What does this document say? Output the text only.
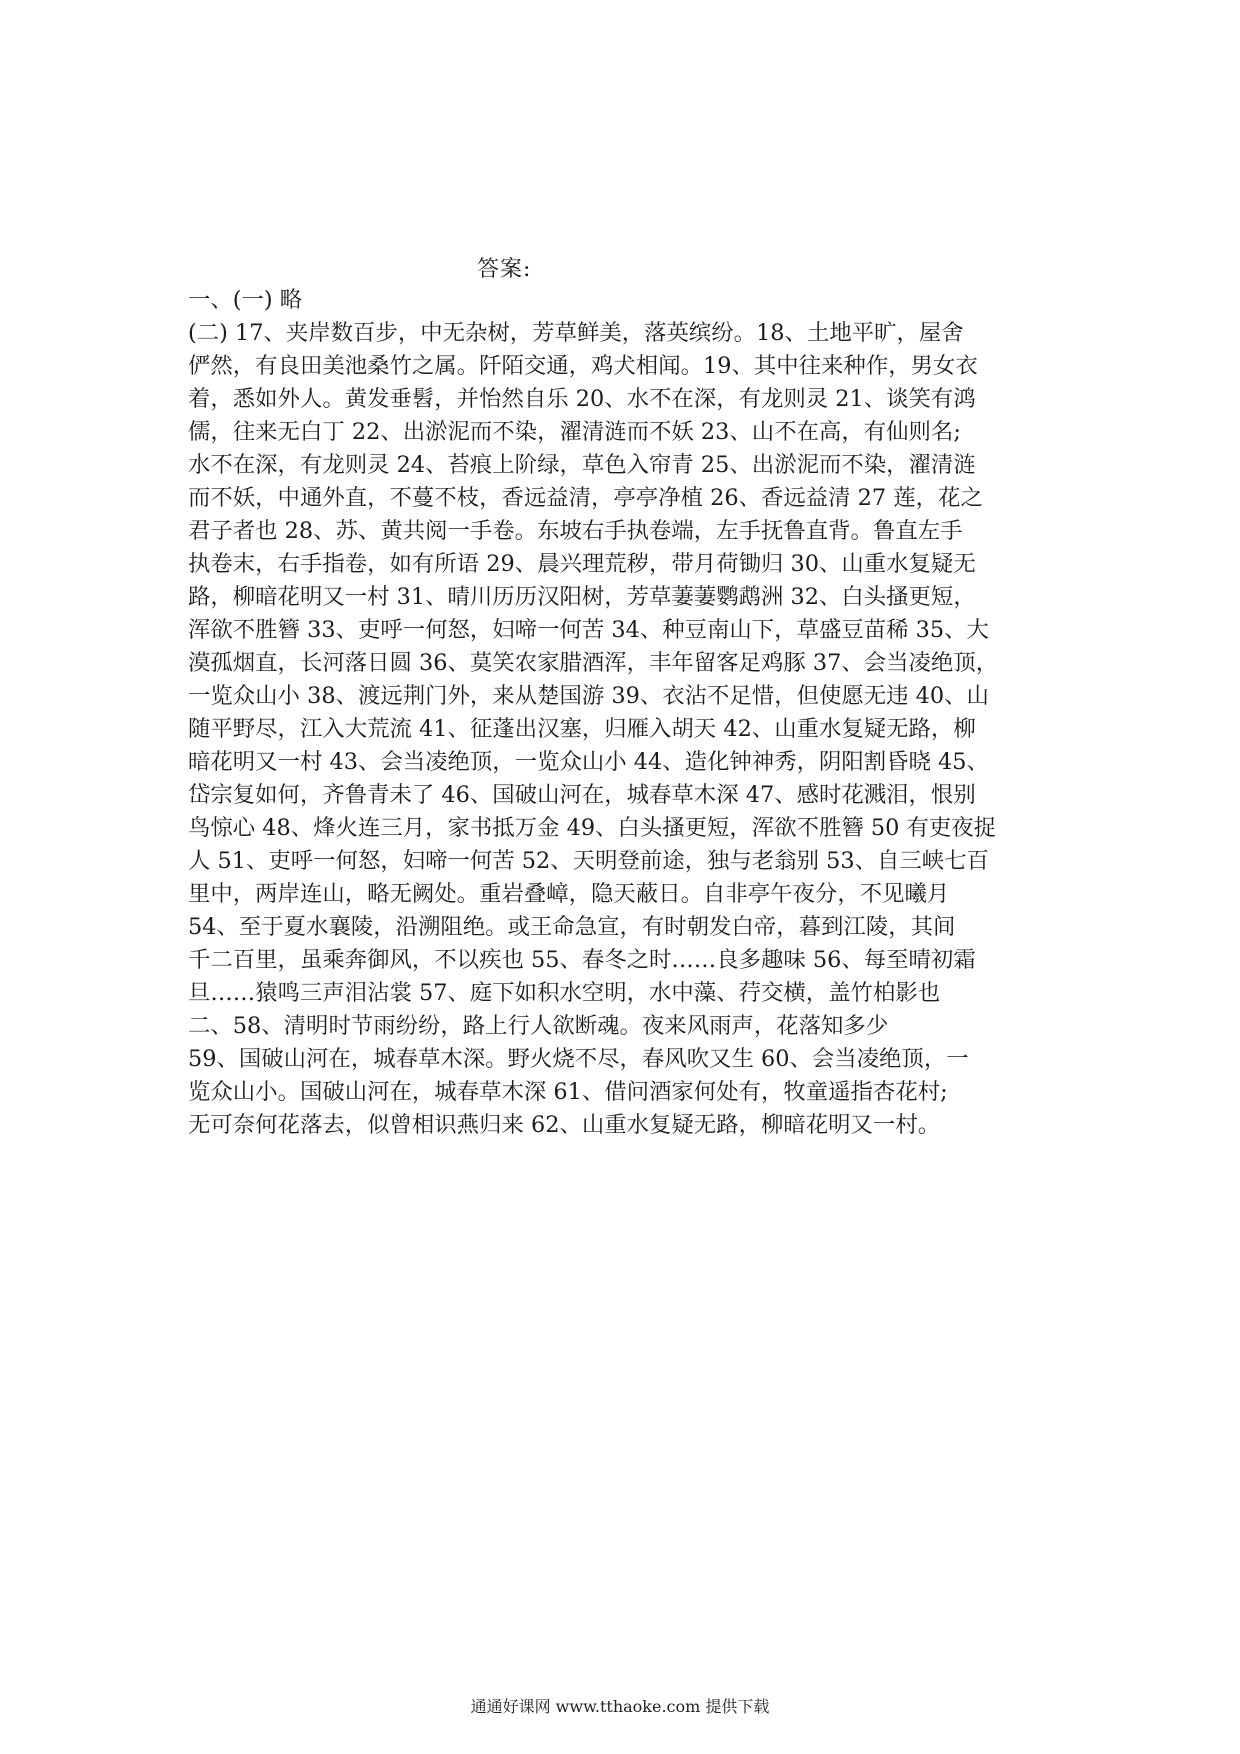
答案:
一、(一) 略
(二) 17、夹岸数百步，中无杂树，芳草鲜美，落英缤纷。18、土地平旷，屋舍
俨然，有良田美池桑竹之属。阡陌交通，鸡犬相闻。19、其中往来种作，男女衣
着，悉如外人。黄发垂髫，并怡然自乐 20、水不在深，有龙则灵 21、谈笑有鸿
儒，往来无白丁 22、出淤泥而不染，濯清涟而不妖 23、山不在高，有仙则名;
水不在深，有龙则灵 24、苔痕上阶绿，草色入帘青 25、出淤泥而不染，濯清涟
而不妖，中通外直，不蔓不枝，香远益清，亭亭净植 26、香远益清 27 莲，花之
君子者也 28、苏、黄共阅一手卷。东坡右手执卷端，左手抚鲁直背。鲁直左手
执卷末，右手指卷，如有所语 29、晨兴理荒秽，带月荷锄归 30、山重水复疑无
路，柳暗花明又一村 31、晴川历历汉阳树，芳草萋萋鹦鹉洲 32、白头搔更短，
浑欲不胜簪 33、吏呼一何怒，妇啼一何苦 34、种豆南山下，草盛豆苗稀 35、大
漠孤烟直，长河落日圆 36、莫笑农家腊酒浑，丰年留客足鸡豚 37、会当凌绝顶，
一览众山小 38、渡远荆门外，来从楚国游 39、衣沾不足惜，但使愿无违 40、山
随平野尽，江入大荒流 41、征蓬出汉塞，归雁入胡天 42、山重水复疑无路，柳
暗花明又一村 43、会当凌绝顶，一览众山小 44、造化钟神秀，阴阳割昏晓 45、
岱宗复如何，齐鲁青未了 46、国破山河在，城春草木深 47、感时花溅泪，恨别
鸟惊心 48、烽火连三月，家书抵万金 49、白头搔更短，浑欲不胜簪 50 有吏夜捉
人 51、吏呼一何怒，妇啼一何苦 52、天明登前途，独与老翁别 53、自三峡七百
里中，两岸连山，略无阙处。重岩叠嶂，隐天蔽日。自非亭午夜分，不见曦月
54、至于夏水襄陵，沿溯阻绝。或王命急宣，有时朝发白帝，暮到江陵，其间
千二百里，虽乘奔御风，不以疾也 55、春冬之时……良多趣味 56、每至晴初霜
旦……猿鸣三声泪沾裳 57、庭下如积水空明，水中藻、荇交横，盖竹柏影也
二、58、清明时节雨纷纷，路上行人欲断魂。夜来风雨声，花落知多少
59、国破山河在，城春草木深。野火烧不尽，春风吹又生 60、会当凌绝顶，一
览众山小。国破山河在，城春草木深 61、借问酒家何处有，牧童遥指杏花村;
无可奈何花落去，似曾相识燕归来 62、山重水复疑无路，柳暗花明又一村。
通通好课网 www.tthaoke.com 提供下载
